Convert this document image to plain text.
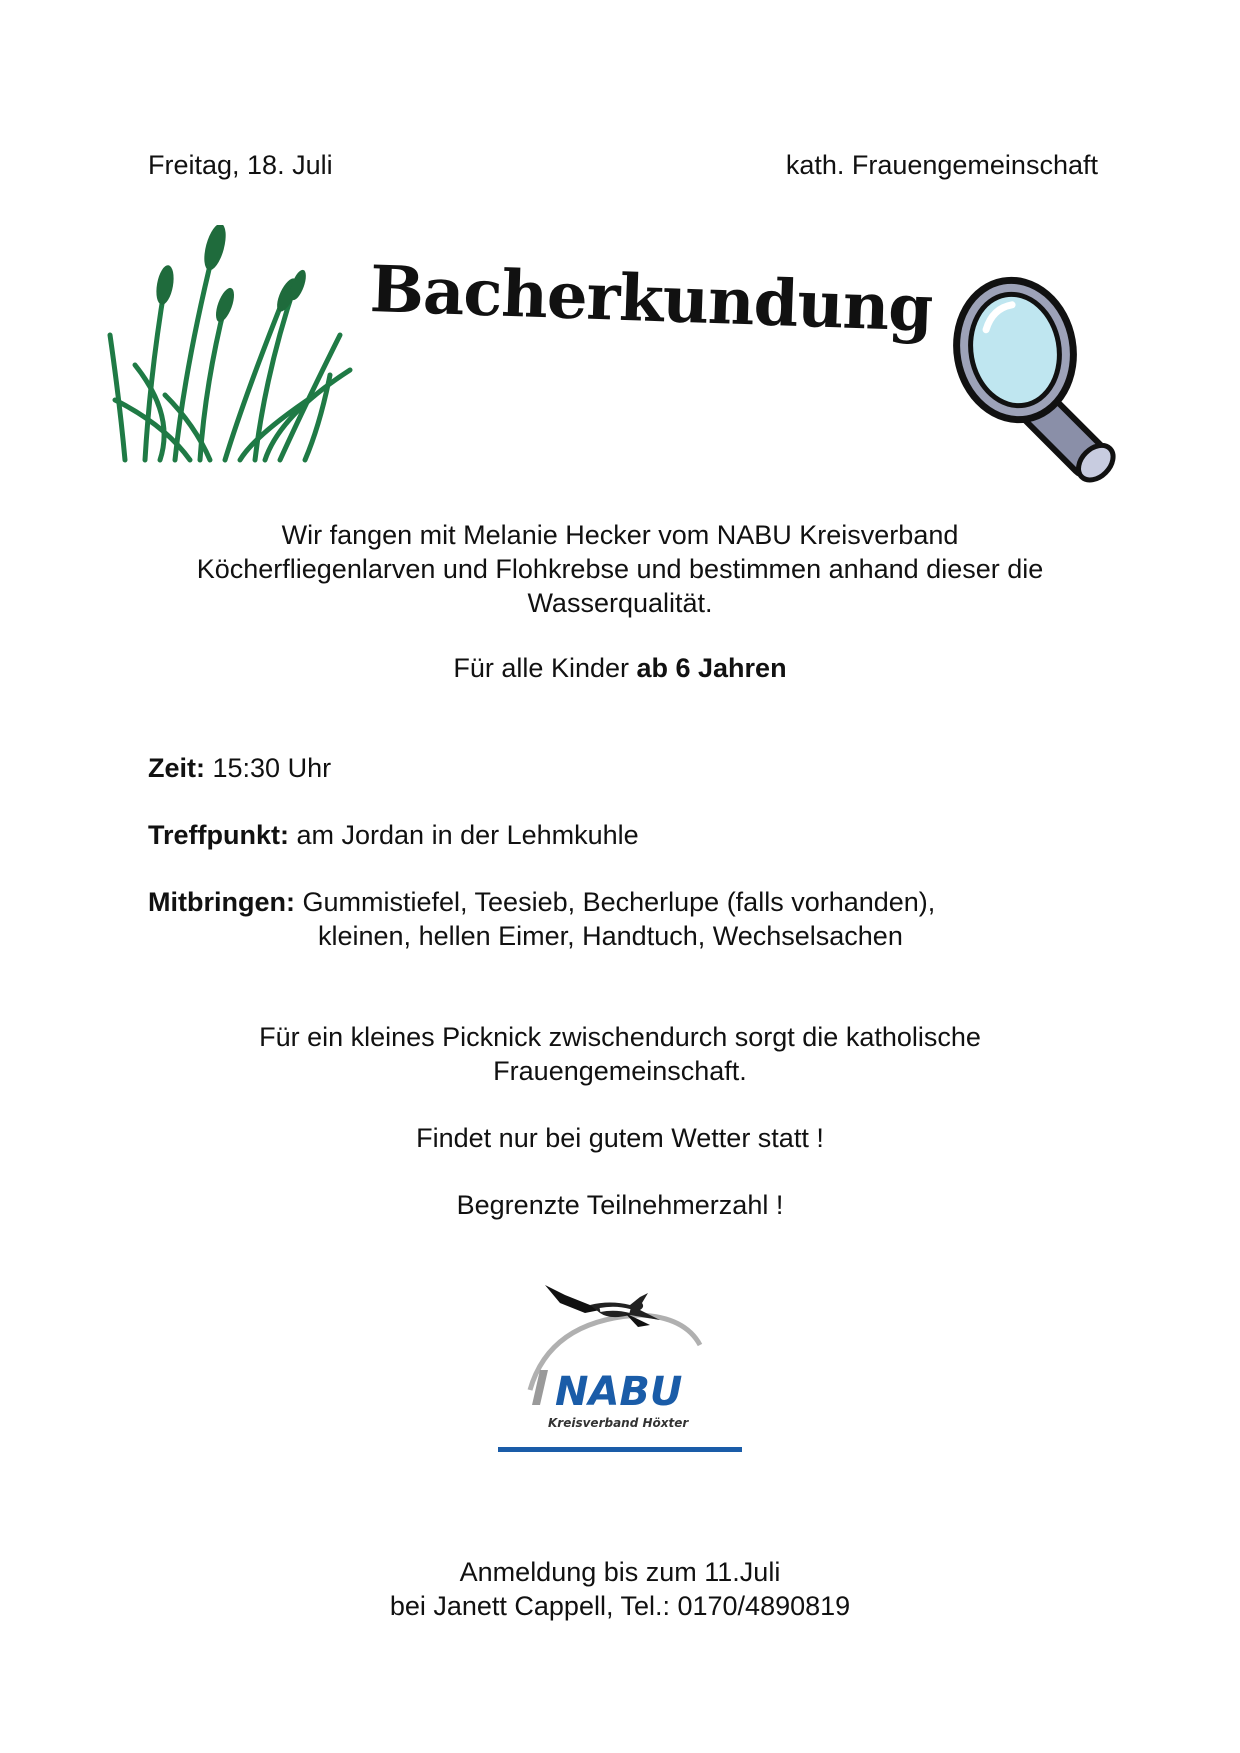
Freitag, 18. Juli	kath. Frauengemeinschaft
Bacherkundung
Wir fangen mit Melanie Hecker vom NABU Kreisverband
Köcherfliegenlarven und Flohkrebse und bestimmen anhand dieser die
Wasserqualität.
Für alle Kinder ab 6 Jahren
Zeit: 15:30 Uhr
Treffpunkt: am Jordan in der Lehmkuhle
Mitbringen: Gummistiefel, Teesieb, Becherlupe (falls vorhanden),
kleinen, hellen Eimer, Handtuch, Wechselsachen
Für ein kleines Picknick zwischendurch sorgt die katholische
Frauengemeinschaft.
Findet nur bei gutem Wetter statt !
Begrenzte Teilnehmerzahl !
NABU
Kreisverband Höxter
Anmeldung bis zum 11.Juli
bei Janett Cappell, Tel.: 0170/4890819
